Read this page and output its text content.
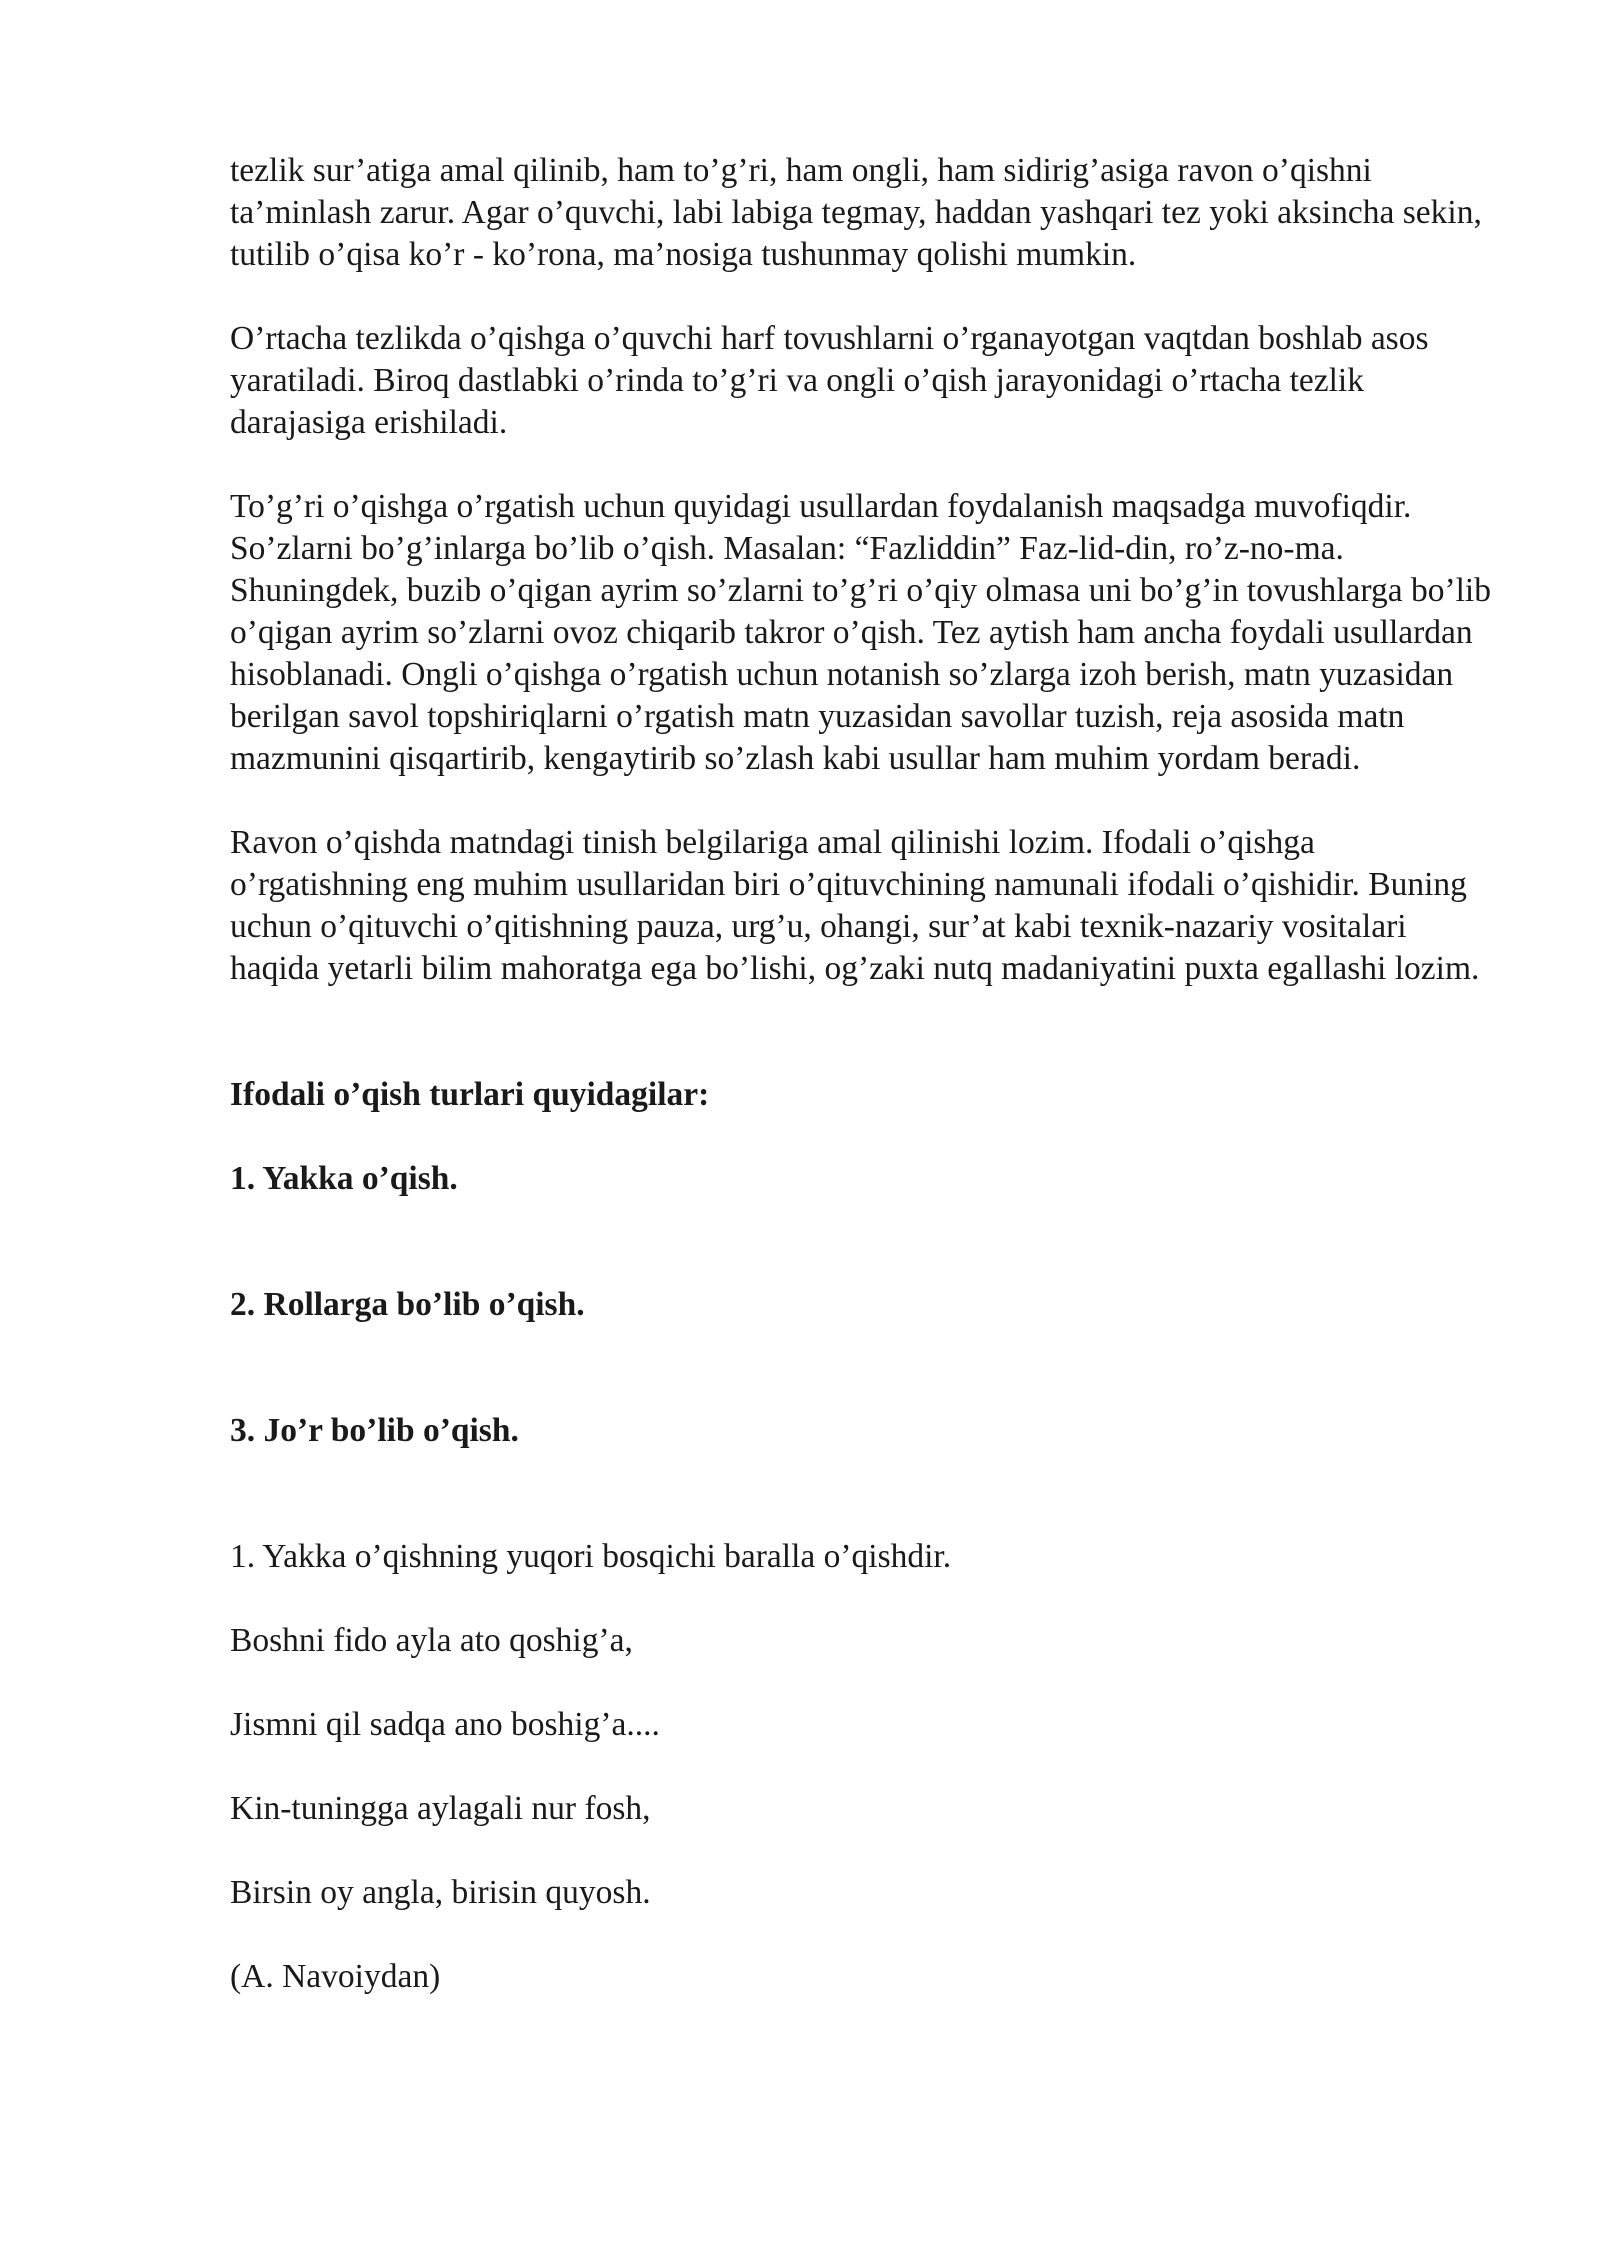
tezlik sur’atiga amal qilinib, ham to’g’ri, ham ongli, ham sidirig’asiga ravon o’qishni ta’minlash zarur. Agar o’quvchi, labi labiga tegmay, haddan yashqari tez yoki aksincha sekin, tutilib o’qisa ko’r - ko’rona, ma’nosiga tushunmay qolishi mumkin.

O’rtacha tezlikda o’qishga o’quvchi harf tovushlarni o’rganayotgan vaqtdan boshlab asos yaratiladi. Biroq dastlabki o’rinda to’g’ri va ongli o’qish jarayonidagi o’rtacha tezlik darajasiga erishiladi.

To’g’ri o’qishga o’rgatish uchun quyidagi usullardan foydalanish maqsadga muvofiqdir. So’zlarni bo’g’inlarga bo’lib o’qish. Masalan: “Fazliddin” Faz-lid-din, ro’z-no-ma. Shuningdek, buzib o’qigan ayrim so’zlarni to’g’ri o’qiy olmasa uni bo’g’in tovushlarga bo’lib o’qigan ayrim so’zlarni ovoz chiqarib takror o’qish. Tez aytish ham ancha foydali usullardan hisoblanadi. Ongli o’qishga o’rgatish uchun notanish so’zlarga izoh berish, matn yuzasidan berilgan savol topshiriqlarni o’rgatish matn yuzasidan savollar tuzish, reja asosida matn mazmunini qisqartirib, kengaytirib so’zlash kabi usullar ham muhim yordam beradi.

Ravon o’qishda matndagi tinish belgilariga amal qilinishi lozim. Ifodali o’qishga o’rgatishning eng muhim usullaridan biri o’qituvchining namunali ifodali o’qishidir. Buning uchun o’qituvchi o’qitishning pauza, urg’u, ohangi, sur’at kabi texnik-nazariy vositalari haqida yetarli bilim mahoratga ega bo’lishi, og’zaki nutq madaniyatini puxta egallashi lozim.

Ifodali o’qish turlari quyidagilar:

1. Yakka o’qish.

2. Rollarga bo’lib o’qish.

3. Jo’r bo’lib o’qish.

1. Yakka o’qishning yuqori bosqichi baralla o’qishdir.

Boshni fido ayla ato qoshig’a,

Jismni qil sadqa ano boshig’a....

Kin-tuningga aylagali nur fosh,

Birsin oy angla, birisin quyosh.

(A. Navoiydan)
